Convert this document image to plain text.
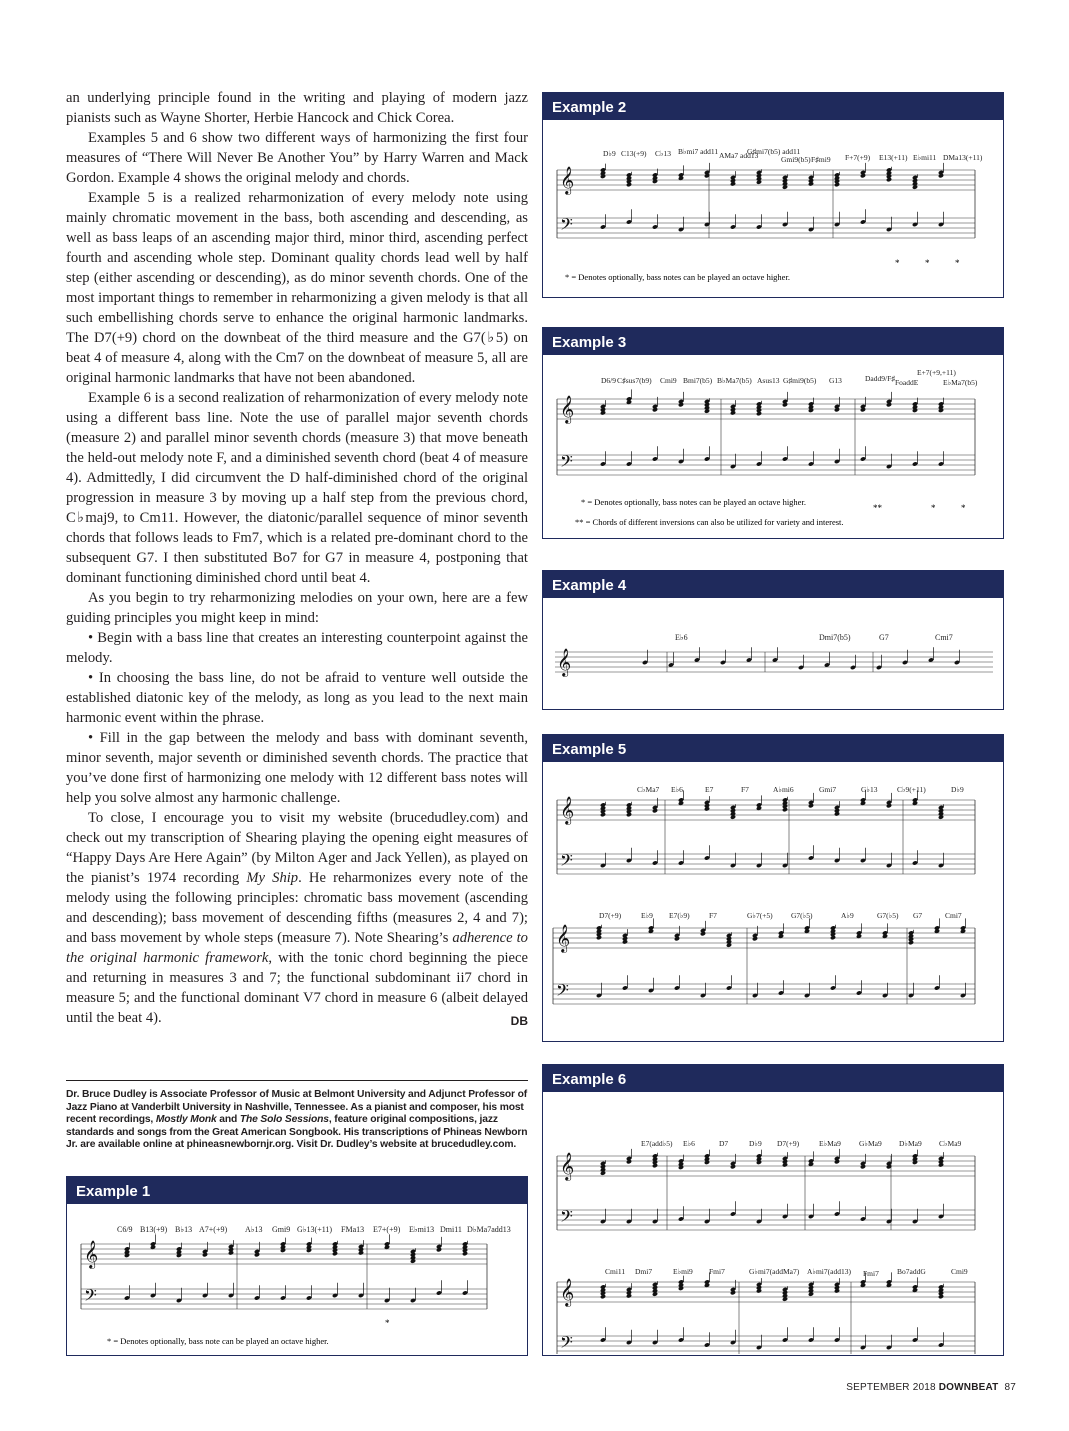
an underlying principle found in the writing and playing of modern jazz pianists such as Wayne Shorter, Herbie Hancock and Chick Corea.

Examples 5 and 6 show two different ways of harmonizing the first four measures of “There Will Never Be Another You” by Harry Warren and Mack Gordon. Example 4 shows the original melody and chords.

Example 5 is a realized reharmonization of every melody note using mainly chromatic movement in the bass, both ascending and descending, as well as bass leaps of an ascending major third, minor third, ascending perfect fourth and ascending whole step. Dominant quality chords lead well by half step (either ascending or descending), as do minor seventh chords. One of the most important things to remember in reharmonizing a given melody is that all such embellishing chords serve to enhance the original harmonic landmarks. The D7(+9) chord on the downbeat of the third measure and the G7(♭5) on beat 4 of measure 4, along with the Cm7 on the downbeat of measure 5, all are original harmonic landmarks that have not been abandoned.

Example 6 is a second realization of reharmonization of every melody note using a different bass line. Note the use of parallel major seventh chords (measure 2) and parallel minor seventh chords (measure 3) that move beneath the held-out melody note F, and a diminished seventh chord (beat 4 of measure 4). Admittedly, I did circumvent the D half-diminished chord of the original progression in measure 3 by moving up a half step from the previous chord, C♭maj9, to Cm11. However, the diatonic/parallel sequence of minor seventh chords that follows leads to Fm7, which is a related pre-dominant chord to the subsequent G7. I then substituted Bo7 for G7 in measure 4, postponing that dominant functioning diminished chord until beat 4.

As you begin to try reharmonizing melodies on your own, here are a few guiding principles you might keep in mind:

• Begin with a bass line that creates an interesting counterpoint against the melody.

• In choosing the bass line, do not be afraid to venture well outside the established diatonic key of the melody, as long as you lead to the next main harmonic event within the phrase.

• Fill in the gap between the melody and bass with dominant seventh, minor seventh, major seventh or diminished seventh chords. The practice that you’ve done first of harmonizing one melody with 12 different bass notes will help you solve almost any harmonic challenge.

To close, I encourage you to visit my website (brucedudley.com) and check out my transcription of Shearing playing the opening eight measures of “Happy Days Are Here Again” (by Milton Ager and Jack Yellen), as played on the pianist’s 1974 recording My Ship. He reharmonizes every note of the melody using the following principles: chromatic bass movement (ascending and descending); bass movement of descending fifths (measures 2, 4 and 7); and bass movement by whole steps (measure 7). Note Shearing’s adherence to the original harmonic framework, with the tonic chord beginning the piece and returning in measures 3 and 7; the functional subdominant ii7 chord in measure 5; and the functional dominant V7 chord in measure 6 (albeit delayed until the beat 4).	DB

Dr. Bruce Dudley is Associate Professor of Music at Belmont University and Adjunct Professor of Jazz Piano at Vanderbilt University in Nashville, Tennessee. As a pianist and composer, his most recent recordings, Mostly Monk and The Solo Sessions, feature original compositions, jazz standards and songs from the Great American Songbook. His transcriptions of Phineas Newborn Jr. are available online at phineasnewbornjr.org. Visit Dr. Dudley’s website at brucedudley.com.
Example 1
C6/9 B13(+9) B♭13 A7+(+9) A♭13 Gmi9 G♭13(+11) FMa13 E7+(+9) E♭mi13 Dmi11 D♭Ma7add13
𝄞
𝄢
*
* = Denotes optionally, bass note can be played an octave higher.
Example 2
D♭9 C13(+9) C♭13 B♭mi7 add11 AMa7 add13
G♯mi7(b5) add11
Gmi9(b5) F♯mi9 F+7(+9) E13(+11) E♭mi11 DMa13(+11)
𝄞
𝄢
*	*	*
* = Denotes optionally, bass notes can be played an octave higher.
Example 3
D6/9 C♯sus7(b9) Cmi9 Bmi7(b5) B♭Ma7(b5) Asus13 G♯mi9(b5) G13	Dadd9/F♯ FoaddE
E+7(+9,+11)
E♭Ma7(b5)
𝄞
𝄢
**	*	*
* = Denotes optionally, bass notes can be played an octave higher.
** = Chords of different inversions can also be utilized for variety and interest.
Example 4
E♭6	Dmi7(b5)	G7	Cmi7
𝄞
Example 5
C♭Ma7 E♭6	E7	F7	A♭mi6	Gmi7	G♭13	C♭9(+11)	D♭9
D7(+9)	E♭9 E7(♭9)	F7	G♭7(+5) G7(♭5)	A♭9	G7(♭5) G7	Cmi7
𝄞
𝄢
𝄞
𝄢
Example 6
E7(add♭5) E♭6	D7	D♭9 D7(+9)	E♭Ma9 G♭Ma9 D♭Ma9 C♭Ma9
Cmi11 Dmi7	E♭mi9 Fmi7	G♭mi7(addMa7) A♭mi7(add13) Fmi7 Bo7addG	Cmi9
𝄞
𝄢
𝄞
𝄢
SEPTEMBER 2018 DOWNBEAT 87
